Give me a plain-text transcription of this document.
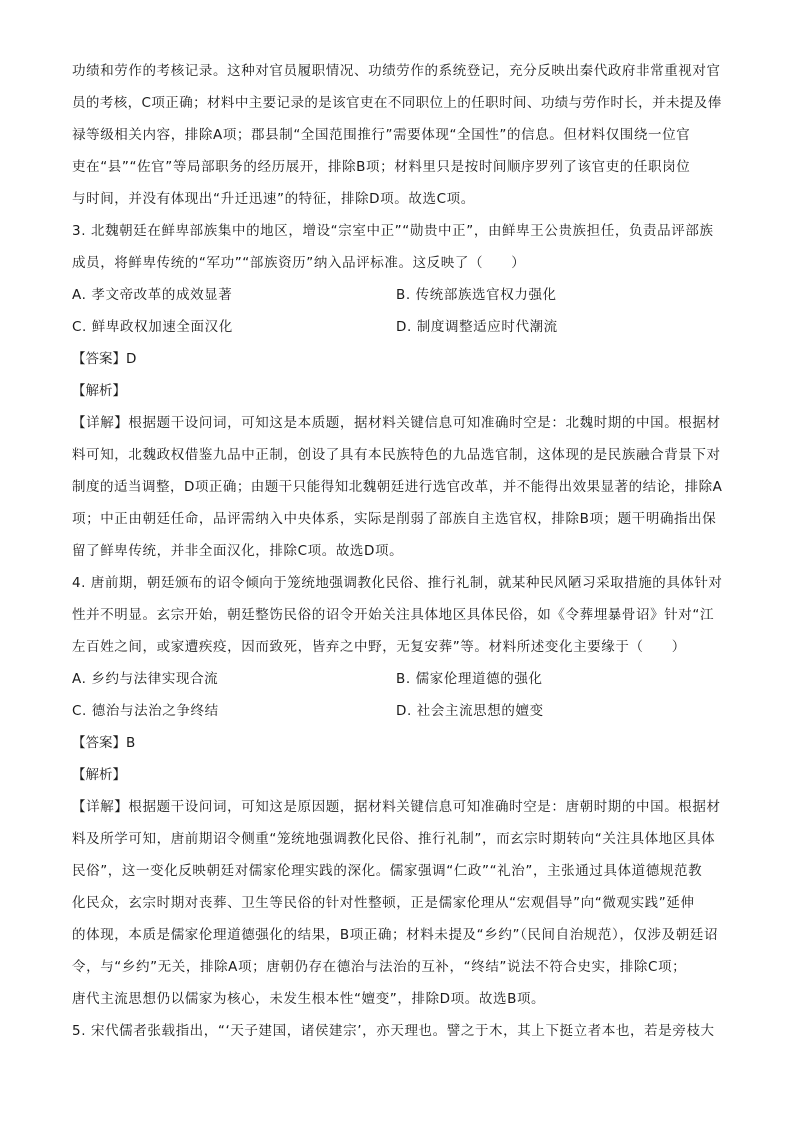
功绩和劳作的考核记录。这种对官员履职情况、功绩劳作的系统登记，充分反映出秦代政府非常重视对官
员的考核，C项正确；材料中主要记录的是该官吏在不同职位上的任职时间、功绩与劳作时长，并未提及俸
禄等级相关内容，排除A项；郡县制“全国范围推行”需要体现“全国性”的信息。但材料仅围绕一位官
吏在“县”“佐官”等局部职务的经历展开，排除B项；材料里只是按时间顺序罗列了该官吏的任职岗位
与时间，并没有体现出“升迁迅速”的特征，排除D项。故选C项。
3. 北魏朝廷在鲜卑部族集中的地区，增设“宗室中正”“勋贵中正”，由鲜卑王公贵族担任，负责品评部族
成员，将鲜卑传统的“军功”“部族资历”纳入品评标准。这反映了（　　）
A. 孝文帝改革的成效显著	B. 传统部族选官权力强化
C. 鲜卑政权加速全面汉化	D. 制度调整适应时代潮流
【答案】D
【解析】
【详解】根据题干设问词，可知这是本质题，据材料关键信息可知准确时空是：北魏时期的中国。根据材
料可知，北魏政权借鉴九品中正制，创设了具有本民族特色的九品选官制，这体现的是民族融合背景下对
制度的适当调整，D项正确；由题干只能得知北魏朝廷进行选官改革，并不能得出效果显著的结论，排除A
项；中正由朝廷任命，品评需纳入中央体系，实际是削弱了部族自主选官权，排除B项；题干明确指出保
留了鲜卑传统，并非全面汉化，排除C项。故选D项。
4. 唐前期，朝廷颁布的诏令倾向于笼统地强调教化民俗、推行礼制，就某种民风陋习采取措施的具体针对
性并不明显。玄宗开始，朝廷整饬民俗的诏令开始关注具体地区具体民俗，如《令葬埋暴骨诏》针对“江
左百姓之间，或家遭疾疫，因而致死，皆弃之中野，无复安葬”等。材料所述变化主要缘于（　　）
A. 乡约与法律实现合流	B. 儒家伦理道德的强化
C. 德治与法治之争终结	D. 社会主流思想的嬗变
【答案】B
【解析】
【详解】根据题干设问词，可知这是原因题，据材料关键信息可知准确时空是：唐朝时期的中国。根据材
料及所学可知，唐前期诏令侧重“笼统地强调教化民俗、推行礼制”，而玄宗时期转向“关注具体地区具体
民俗”，这一变化反映朝廷对儒家伦理实践的深化。儒家强调“仁政”“礼治”，主张通过具体道德规范教
化民众，玄宗时期对丧葬、卫生等民俗的针对性整顿，正是儒家伦理从“宏观倡导”向“微观实践”延伸
的体现，本质是儒家伦理道德强化的结果，B项正确；材料未提及“乡约”（民间自治规范），仅涉及朝廷诏
令，与“乡约”无关，排除A项；唐朝仍存在德治与法治的互补，“终结”说法不符合史实，排除C项；
唐代主流思想仍以儒家为核心，未发生根本性“嬗变”，排除D项。故选B项。
5. 宋代儒者张载指出，“‘天子建国，诸侯建宗’，亦天理也。譬之于木，其上下挺立者本也，若是旁枝大
